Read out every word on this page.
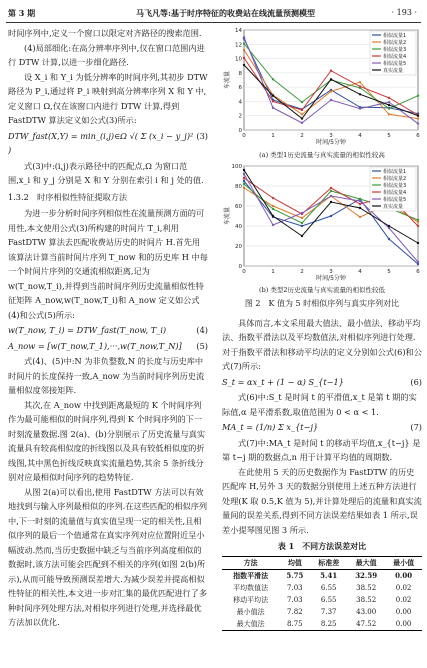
第 3 期	马飞凡等:基于时序特征的收费站在线流量预测模型	· 193 ·

时间序列中,定义一个窗口以限定对齐路径的搜索范围.

(4)局部细化:在高分辨率序列中,仅在窗口范围内进行 DTW 计算,以进一步细化路径.

设 X_i 和 Y_i 为低分辨率的时间序列,其初步 DTW 路径为 P_i,通过将 P_i 映射到高分辨率序列 X 和 Y 中,定义窗口 Ω,仅在该窗口内进行 DTW 计算,得到 FastDTW 算法定义如公式(3)所示:

DTW_fast(X,Y) = min_(i,j)∈Ω √( Σ (x_i − y_j)² )
(3)

式(3)中:(i,j)表示路径中的匹配点,Ω 为窗口范围,x_i 和 y_j 分别是 X 和 Y 分别在索引 i 和 j 处的值.

1.3.2　时序相似性特征提取方法

为进一步分析时间序列相似性在流量预测方面的可用性,本文使用公式(3)所构建的时间片 T_i,利用 FastDTW 算法去匹配收费站历史的时间片 H.首先用该算法计算当前时间片序列 T_now 和的历史库 H 中每一个时间片序列的交通流相似距离,记为 w(T_now,T_i),并得到当前时间序列历史流量相似性特征矩阵 A_now,w(T_now,T_i)和 A_now 定义如公式(4)和公式(5)所示:

w(T_now, T_i) = DTW_fast(T_now, T_i)	(4)
A_now = [w(T_now,T_1),···,w(T_now,T_N)] (5)

式(4)、(5)中:N 为非负整数,N 的长度与历史库中时间片的长度保持一致,A_now 为当前时间序列历史流量相似度邻接矩阵.

其次,在 A_now 中找到距离最短的 K 个时间序列作为最可能相似的时间序列,得到 K 个时间序列的下一时刻流量数据.图 2(a)、(b)分别展示了历史流量与真实流量具有较高相似度的折线图以及具有较低相似度的折线图,其中黑色折线反映真实流量趋势,其余 5 条折线分别对应最相似时间序列的趋势特征.

从图 2(a)可以看出,使用 FastDTW 方法可以有效地找到与输入序列最相似的序列.在这些匹配的相似序列中,下一时刻的流量值与真实值呈现一定的相关性,且相似序列的最后一个值通常在真实序列对应位置附近呈小幅波动.然而,当历史数据中缺乏与当前序列高度相似的数据时,该方法可能会匹配到不相关的序列(如图 2(b)所示),从而可能导致预测误差增大.为减少误差并提高相似性特征的相关性,本文进一步对汇集的最优匹配进行了多种时间序列处理方法,对相似序列进行处理,并选择最优方法加以优化.

0
2
4
6
8
10
12
14
0	1	2	3	4	5	6
时间/5分钟
车流量
相似流量1
相似流量2
相似流量3
相似流量4
相似流量5
真实流量
(a) 类型1历史流量与真实流量的相似性较高
0
20
40
60
80
100
0	1	2	3	4	5	6
时间/5分钟
车流量
相似流量1
相似流量2
相似流量3
相似流量4
相似流量5
真实流量
(b) 类型2历史流量与真实流量的相似性较低
图 2　K 值为 5 时相似序列与真实序列对比

具体而言,本文采用最大值法、最小值法、移动平均法、指数平滑法以及平均数值法,对相似序列进行处理.对于指数平滑法和移动平均法的定义分别如公式(6)和公式(7)所示:

S_t = αx_t + (1 − α) S_{t−1}	(6)

式(6)中:S_t 是时间 t 的平滑值,x_t 是第 t 期的实际值,α 是平滑系数,取值范围为 0 < α < 1.

MA_t = (1/n) Σ x_{t−j}	(7)

式(7)中:MA_t 是时间 t 的移动平均值,x_{t−j} 是第 t−j 期的数据点,n 用于计算平均值的周期数.

在此使用 5 天的历史数据作为 FastDTW 的历史匹配库 H,另外 3 天的数据分别使用上述五种方法进行处理(K 取 0.5,K 值为 5),并计算处理后的流量和真实流量间的误差关系,得到不同方法误差结果如表 1 所示,误差小提琴图见图 3 所示.

表 1　不同方法误差对比
方法	均值	标准差	最大值	最小值
指数平滑法	5.75	5.41	32.59	0.00
平均数值法	7.03	6.55	38.52	0.02
移动平均法	7.03	6.55	38.52	0.02
最小值法	7.82	7.37	43.00	0.00
最大值法	8.75	8.25	47.52	0.00
